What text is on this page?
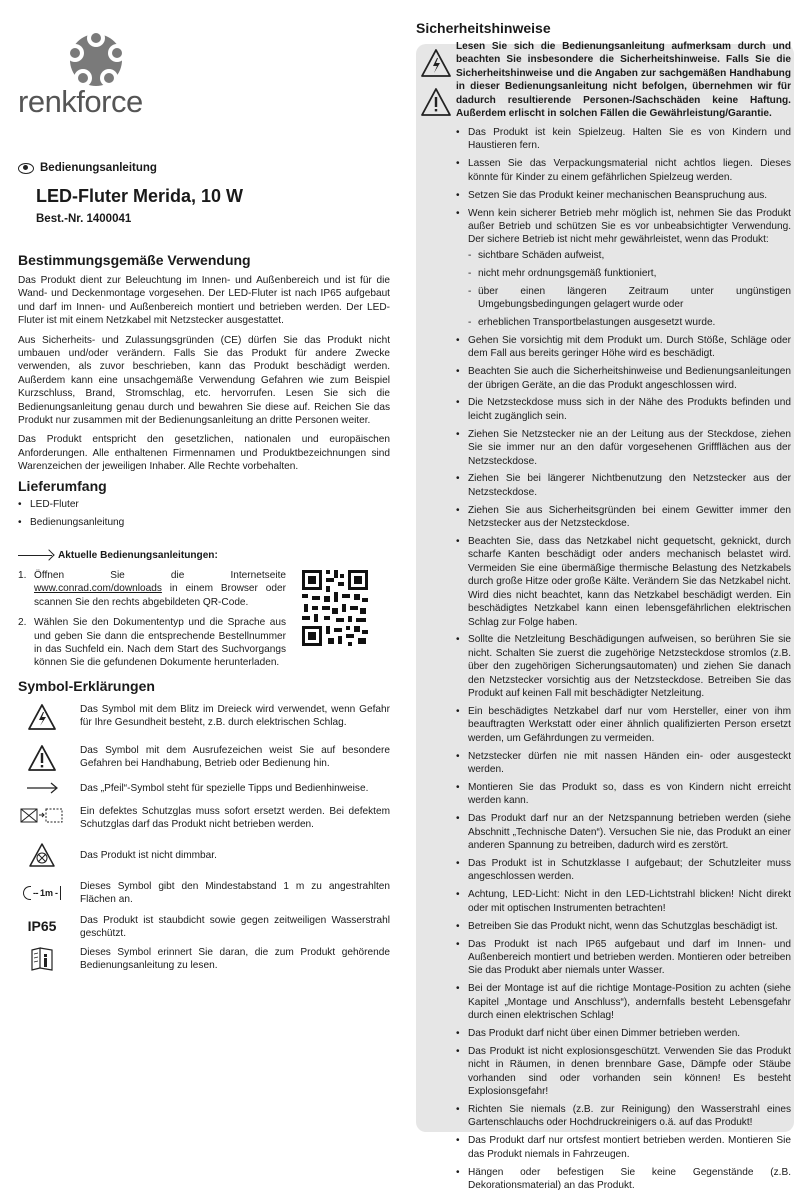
renkforce
Bedienungsanleitung
LED-Fluter Merida, 10 W
Best.-Nr. 1400041
Bestimmungsgemäße Verwendung

Das Produkt dient zur Beleuchtung im Innen- und Außenbereich und ist für die Wand- und Deckenmontage vorgesehen. Der LED-Fluter ist nach IP65 aufgebaut und darf im Innen- und Außenbereich montiert und betrieben werden. Der LED-Fluter ist mit einem Netzkabel mit Netzstecker ausgestattet.

Aus Sicherheits- und Zulassungsgründen (CE) dürfen Sie das Produkt nicht umbauen und/oder verändern. Falls Sie das Produkt für andere Zwecke verwenden, als zuvor beschrieben, kann das Produkt beschädigt werden. Außerdem kann eine unsachgemäße Verwendung Gefahren wie zum Beispiel Kurzschluss, Brand, Stromschlag, etc. hervorrufen. Lesen Sie sich die Bedienungsanleitung genau durch und bewahren Sie diese auf. Reichen Sie das Produkt nur zusammen mit der Bedienungsanleitung an dritte Personen weiter.

Das Produkt entspricht den gesetzlichen, nationalen und europäischen Anforderungen. Alle enthaltenen Firmennamen und Produktbezeichnungen sind Warenzeichen der jeweiligen Inhaber. Alle Rechte vorbehalten.

Lieferumfang
• LED-Fluter
• Bedienungsanleitung
Aktuelle Bedienungsanleitungen:
1. Öffnen Sie die Internetseite www.conrad.com/downloads in einem Browser oder scannen Sie den rechts abgebildeten QR-Code.
2. Wählen Sie den Dokumententyp und die Sprache aus und geben Sie dann die entsprechende Bestellnummer in das Suchfeld ein. Nach dem Start des Suchvorgangs können Sie die gefundenen Dokumente herunterladen.
Symbol-Erklärungen
Das Symbol mit dem Blitz im Dreieck wird verwendet, wenn Gefahr für Ihre Gesundheit besteht, z.B. durch elektrischen Schlag.
Das Symbol mit dem Ausrufezeichen weist Sie auf besondere Gefahren bei Handhabung, Betrieb oder Bedienung hin.
Das „Pfeil“-Symbol steht für spezielle Tipps und Bedienhinweise.
Ein defektes Schutzglas muss sofort ersetzt werden. Bei defektem Schutzglas darf das Produkt nicht betrieben werden.
Das Produkt ist nicht dimmbar.
-- 1m -
Dieses Symbol gibt den Mindestabstand 1 m zu angestrahlten Flächen an.
IP65	Das Produkt ist staubdicht sowie gegen zeitweiligen Wasserstrahl geschützt.
Dieses Symbol erinnert Sie daran, die zum Produkt gehörende Bedienungsanleitung zu lesen.
Sicherheitshinweise

Lesen Sie sich die Bedienungsanleitung aufmerksam durch und beachten Sie insbesondere die Sicherheitshinweise. Falls Sie die Sicherheitshinweise und die Angaben zur sachgemäßen Handhabung in dieser Bedienungsanleitung nicht befolgen, übernehmen wir für dadurch resultierende Personen-/Sachschäden keine Haftung. Außerdem erlischt in solchen Fällen die Gewährleistung/Garantie.
• Das Produkt ist kein Spielzeug. Halten Sie es von Kindern und Haustieren fern.
• Lassen Sie das Verpackungsmaterial nicht achtlos liegen. Dieses könnte für Kinder zu einem gefährlichen Spielzeug werden.
• Setzen Sie das Produkt keiner mechanischen Beanspruchung aus.
• Wenn kein sicherer Betrieb mehr möglich ist, nehmen Sie das Produkt außer Betrieb und schützen Sie es vor unbeabsichtigter Verwendung. Der sichere Betrieb ist nicht mehr gewährleistet, wenn das Produkt:
- sichtbare Schäden aufweist,
- nicht mehr ordnungsgemäß funktioniert,
- über einen längeren Zeitraum unter ungünstigen Umgebungsbedingungen gelagert wurde oder
- erheblichen Transportbelastungen ausgesetzt wurde.
• Gehen Sie vorsichtig mit dem Produkt um. Durch Stöße, Schläge oder dem Fall aus bereits geringer Höhe wird es beschädigt.
• Beachten Sie auch die Sicherheitshinweise und Bedienungsanleitungen der übrigen Geräte, an die das Produkt angeschlossen wird.
• Die Netzsteckdose muss sich in der Nähe des Produkts befinden und leicht zugänglich sein.
• Ziehen Sie Netzstecker nie an der Leitung aus der Steckdose, ziehen Sie sie immer nur an den dafür vorgesehenen Griffflächen aus der Netzsteckdose.
• Ziehen Sie bei längerer Nichtbenutzung den Netzstecker aus der Netzsteckdose.
• Ziehen Sie aus Sicherheitsgründen bei einem Gewitter immer den Netzstecker aus der Netzsteckdose.
• Beachten Sie, dass das Netzkabel nicht gequetscht, geknickt, durch scharfe Kanten beschädigt oder anders mechanisch belastet wird. Vermeiden Sie eine übermäßige thermische Belastung des Netzkabels durch große Hitze oder große Kälte. Verändern Sie das Netzkabel nicht. Wird dies nicht beachtet, kann das Netzkabel beschädigt werden. Ein beschädigtes Netzkabel kann einen lebensgefährlichen elektrischen Schlag zur Folge haben.
• Sollte die Netzleitung Beschädigungen aufweisen, so berühren Sie sie nicht. Schalten Sie zuerst die zugehörige Netzsteckdose stromlos (z.B. über den zugehörigen Sicherungsautomaten) und ziehen Sie danach den Netzstecker vorsichtig aus der Netzsteckdose. Betreiben Sie das Produkt auf keinen Fall mit beschädigter Netzleitung.
• Ein beschädigtes Netzkabel darf nur vom Hersteller, einer von ihm beauftragten Werkstatt oder einer ähnlich qualifizierten Person ersetzt werden, um Gefährdungen zu vermeiden.
• Netzstecker dürfen nie mit nassen Händen ein- oder ausgesteckt werden.
• Montieren Sie das Produkt so, dass es von Kindern nicht erreicht werden kann.
• Das Produkt darf nur an der Netzspannung betrieben werden (siehe Abschnitt „Technische Daten“). Versuchen Sie nie, das Produkt an einer anderen Spannung zu betreiben, dadurch wird es zerstört.
• Das Produkt ist in Schutzklasse I aufgebaut; der Schutzleiter muss angeschlossen werden.
• Achtung, LED-Licht: Nicht in den LED-Lichtstrahl blicken! Nicht direkt oder mit optischen Instrumenten betrachten!
• Betreiben Sie das Produkt nicht, wenn das Schutzglas beschädigt ist.
• Das Produkt ist nach IP65 aufgebaut und darf im Innen- und Außenbereich montiert und betrieben werden. Montieren oder betreiben Sie das Produkt aber niemals unter Wasser.
• Bei der Montage ist auf die richtige Montage-Position zu achten (siehe Kapitel „Montage und Anschluss“), andernfalls besteht Lebensgefahr durch einen elektrischen Schlag!
• Das Produkt darf nicht über einen Dimmer betrieben werden.
• Das Produkt ist nicht explosionsgeschützt. Verwenden Sie das Produkt nicht in Räumen, in denen brennbare Gase, Dämpfe oder Stäube vorhanden sind oder vorhanden sein können! Es besteht Explosionsgefahr!
• Richten Sie niemals (z.B. zur Reinigung) den Wasserstrahl eines Gartenschlauchs oder Hochdruckreinigers o.ä. auf das Produkt!
• Das Produkt darf nur ortsfest montiert betrieben werden. Montieren Sie das Produkt niemals in Fahrzeugen.
• Hängen oder befestigen Sie keine Gegenstände (z.B. Dekorationsmaterial) an das Produkt.
